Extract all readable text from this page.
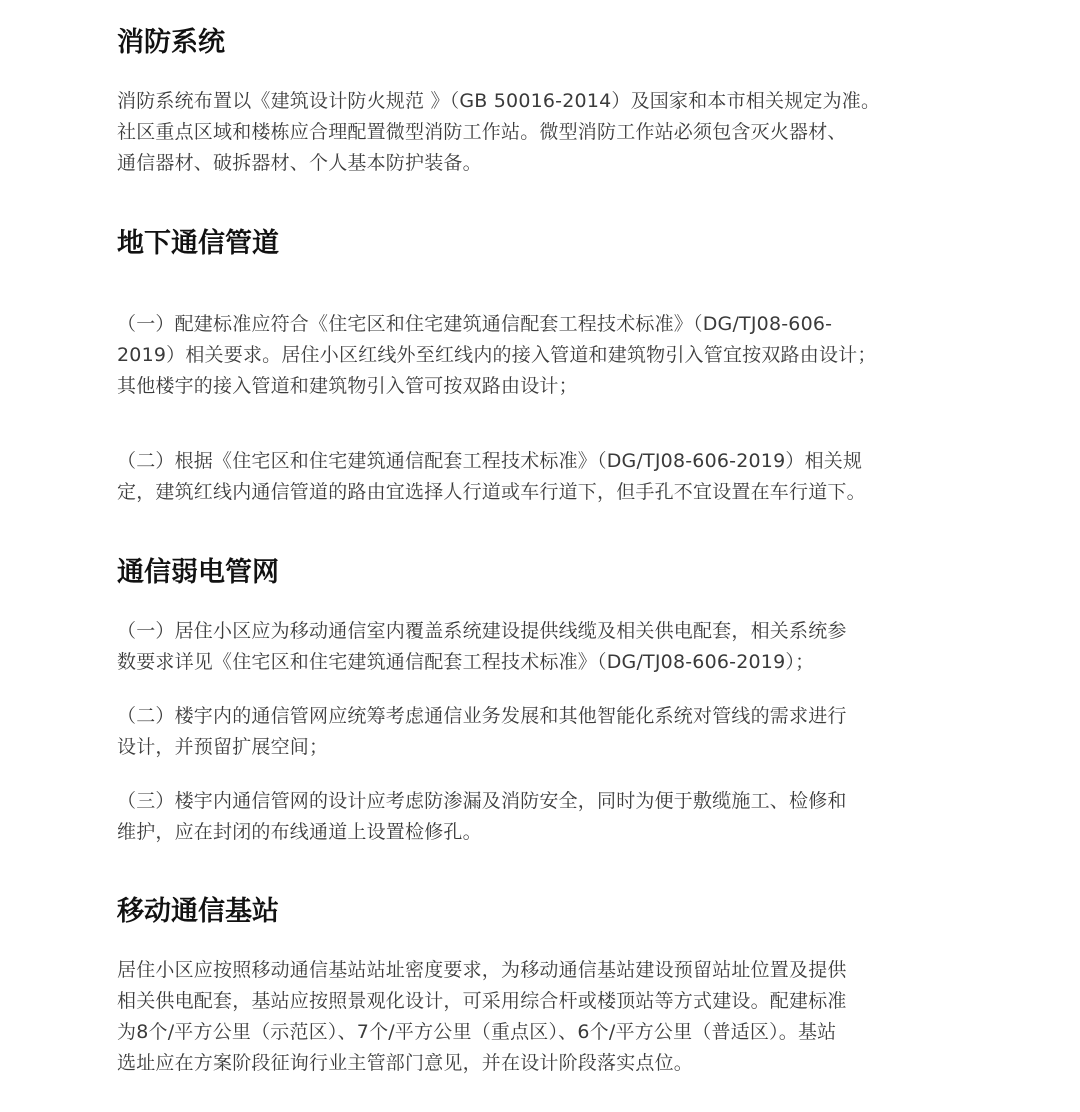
消防系统

消防系统布置以《建筑设计防火规范 》（GB 50016-2014）及国家和本市相关规定为准。
社区重点区域和楼栋应合理配置微型消防工作站。微型消防工作站必须包含灭火器材、
通信器材、破拆器材、个人基本防护装备。

地下通信管道

（一）配建标准应符合《住宅区和住宅建筑通信配套工程技术标准》（DG/TJ08-606-
2019）相关要求。居住小区红线外至红线内的接入管道和建筑物引入管宜按双路由设计；
其他楼宇的接入管道和建筑物引入管可按双路由设计；

（二）根据《住宅区和住宅建筑通信配套工程技术标准》（DG/TJ08-606-2019）相关规
定，建筑红线内通信管道的路由宜选择人行道或车行道下，但手孔不宜设置在车行道下。

通信弱电管网

（一）居住小区应为移动通信室内覆盖系统建设提供线缆及相关供电配套，相关系统参
数要求详见《住宅区和住宅建筑通信配套工程技术标准》（DG/TJ08-606-2019）；

（二）楼宇内的通信管网应统筹考虑通信业务发展和其他智能化系统对管线的需求进行
设计，并预留扩展空间；

（三）楼宇内通信管网的设计应考虑防渗漏及消防安全，同时为便于敷缆施工、检修和
维护，应在封闭的布线通道上设置检修孔。

移动通信基站

居住小区应按照移动通信基站站址密度要求，为移动通信基站建设预留站址位置及提供
相关供电配套，基站应按照景观化设计，可采用综合杆或楼顶站等方式建设。配建标准
为8个/平方公里（示范区）、7个/平方公里（重点区）、6个/平方公里（普适区）。基站
选址应在方案阶段征询行业主管部门意见，并在设计阶段落实点位。
